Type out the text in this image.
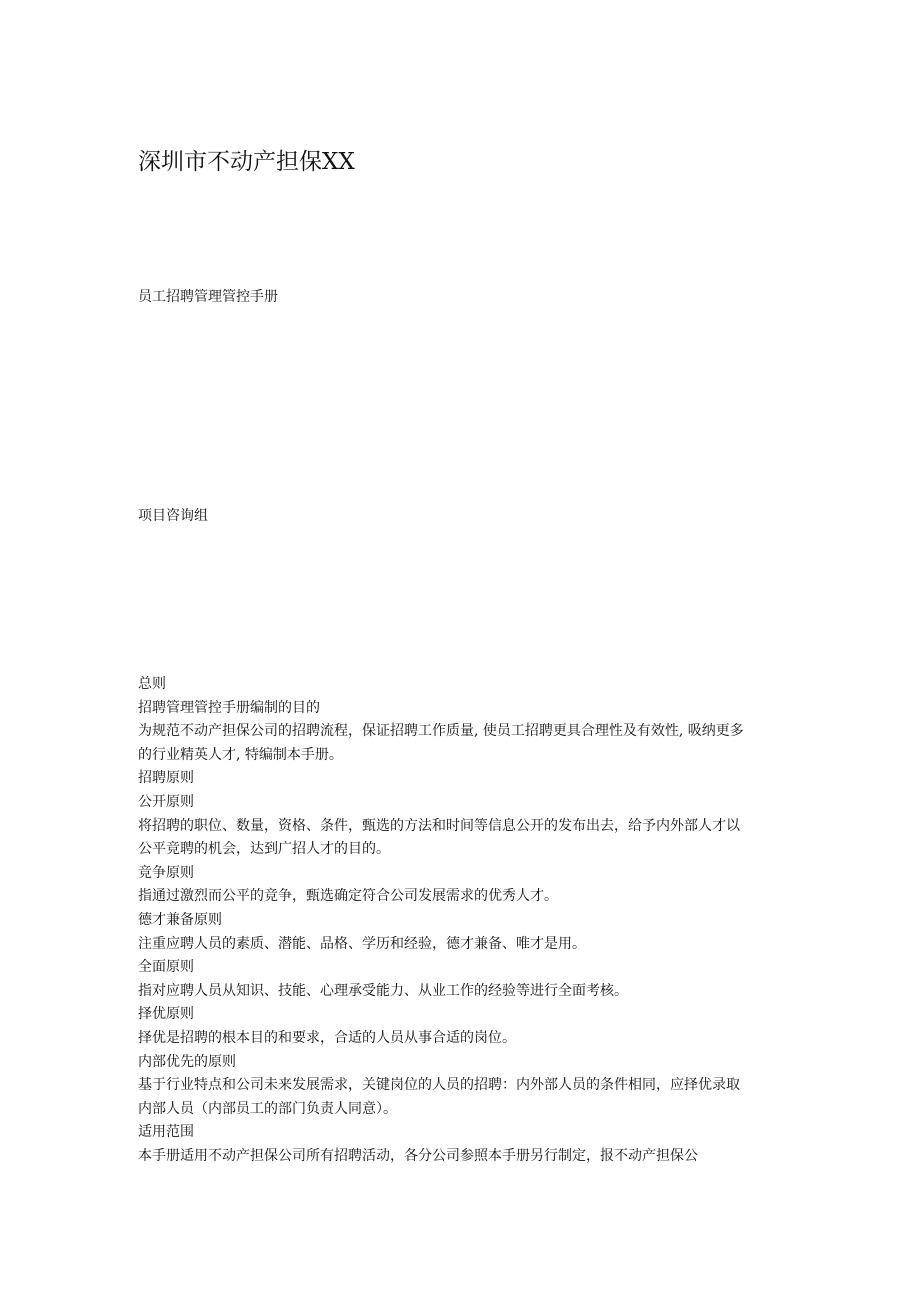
深圳市不动产担保XX
员工招聘管理管控手册
项目咨询组
总则
招聘管理管控手册编制的目的
为规范不动产担保公司的招聘流程，保证招聘工作质量, 使员工招聘更具合理性及有效性, 吸纳更多
的行业精英人才, 特编制本手册。
招聘原则
公开原则
将招聘的职位、数量，资格、条件，甄选的方法和时间等信息公开的发布出去，给予内外部人才以
公平竞聘的机会，达到广招人才的目的。
竞争原则
指通过激烈而公平的竞争，甄选确定符合公司发展需求的优秀人才。
德才兼备原则
注重应聘人员的素质、潜能、品格、学历和经验，德才兼备、唯才是用。
全面原则
指对应聘人员从知识、技能、心理承受能力、从业工作的经验等进行全面考核。
择优原则
择优是招聘的根本目的和要求，合适的人员从事合适的岗位。
内部优先的原则
基于行业特点和公司未来发展需求，关键岗位的人员的招聘：内外部人员的条件相同，应择优录取
内部人员（内部员工的部门负责人同意）。
适用范围
本手册适用不动产担保公司所有招聘活动，各分公司参照本手册另行制定，报不动产担保公
